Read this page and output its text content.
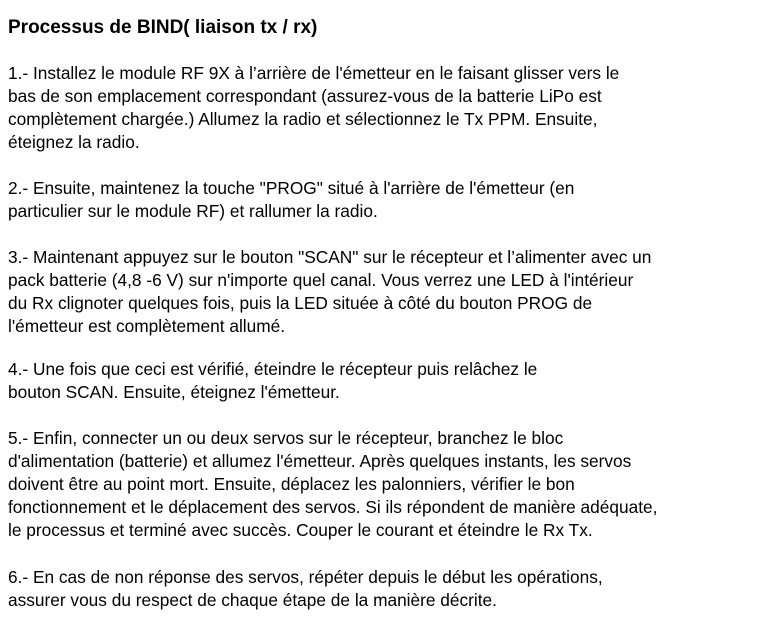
Processus de BIND( liaison tx / rx)

1.- Installez le module RF 9X à l’arrière de l'émetteur en le faisant glisser vers le
bas de son emplacement correspondant (assurez-vous de la batterie LiPo est
complètement chargée.) Allumez la radio et sélectionnez le Tx PPM. Ensuite,
éteignez la radio.

2.- Ensuite, maintenez la touche "PROG" situé à l'arrière de l'émetteur (en
particulier sur le module RF) et rallumer la radio.

3.- Maintenant appuyez sur le bouton "SCAN" sur le récepteur et l’alimenter avec un
pack batterie (4,8 -6 V) sur n'importe quel canal. Vous verrez une LED à l'intérieur
du Rx clignoter quelques fois, puis la LED située à côté du bouton PROG de
l'émetteur est complètement allumé.

4.- Une fois que ceci est vérifié, éteindre le récepteur puis relâchez le
bouton SCAN. Ensuite, éteignez l'émetteur.

5.- Enfin, connecter un ou deux servos sur le récepteur, branchez le bloc
d'alimentation (batterie) et allumez l'émetteur. Après quelques instants, les servos
doivent être au point mort. Ensuite, déplacez les palonniers, vérifier le bon
fonctionnement et le déplacement des servos. Si ils répondent de manière adéquate,
le processus et terminé avec succès. Couper le courant et éteindre le Rx Tx.

6.- En cas de non réponse des servos, répéter depuis le début les opérations,
assurer vous du respect de chaque étape de la manière décrite.
